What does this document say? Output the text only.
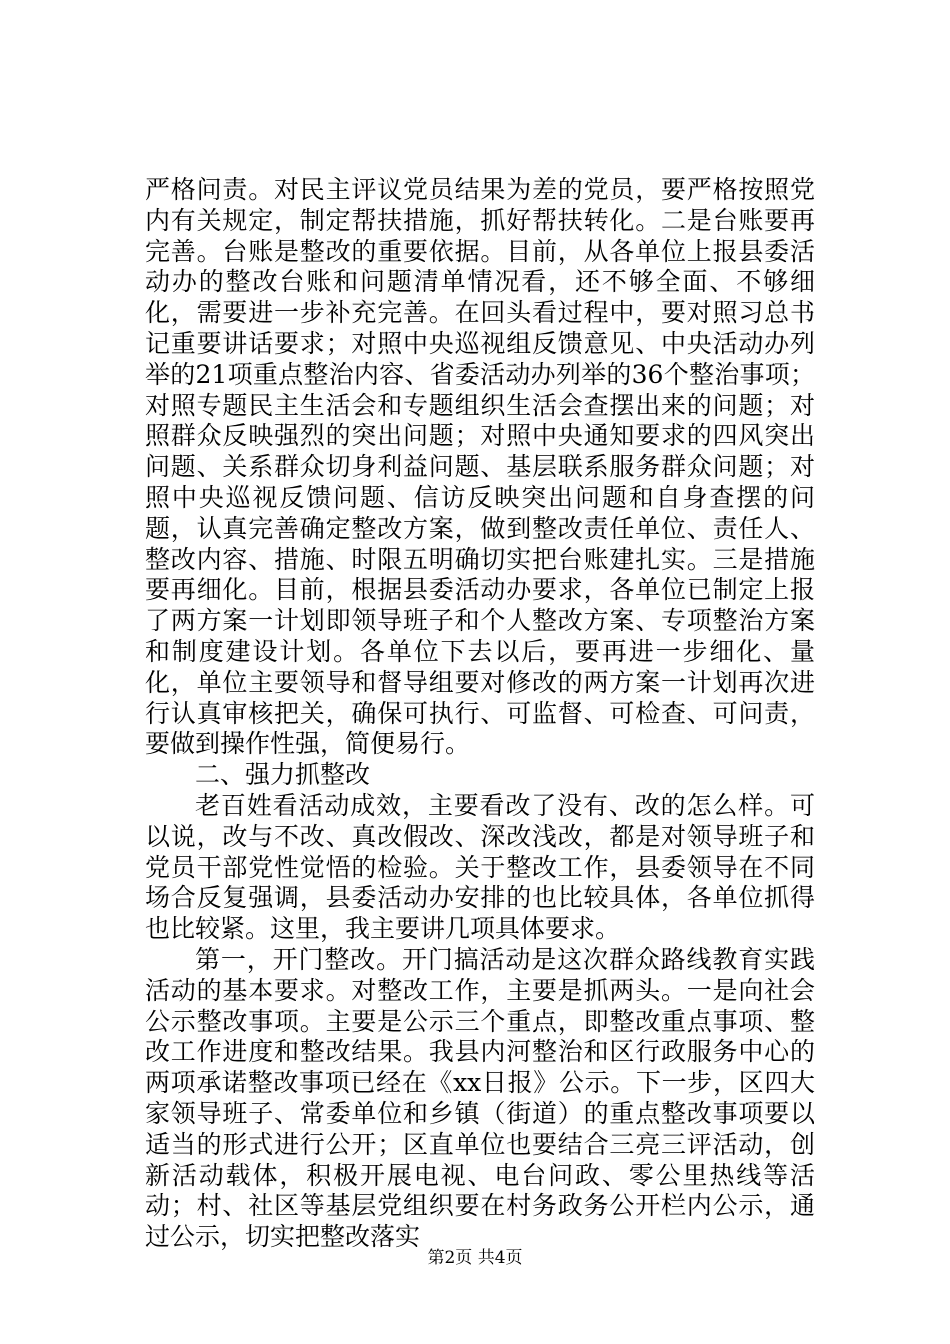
严格问责。对民主评议党员结果为差的党员，要严格按照党内有关规定，制定帮扶措施，抓好帮扶转化。二是台账要再完善。台账是整改的重要依据。目前，从各单位上报县委活动办的整改台账和问题清单情况看，还不够全面、不够细化，需要进一步补充完善。在回头看过程中，要对照习总书记重要讲话要求；对照中央巡视组反馈意见、中央活动办列举的21项重点整治内容、省委活动办列举的36个整治事项；对照专题民主生活会和专题组织生活会查摆出来的问题；对照群众反映强烈的突出问题；对照中央通知要求的四风突出问题、关系群众切身利益问题、基层联系服务群众问题；对照中央巡视反馈问题、信访反映突出问题和自身查摆的问题，认真完善确定整改方案，做到整改责任单位、责任人、整改内容、措施、时限五明确切实把台账建扎实。三是措施要再细化。目前，根据县委活动办要求，各单位已制定上报了两方案一计划即领导班子和个人整改方案、专项整治方案和制度建设计划。各单位下去以后，要再进一步细化、量化，单位主要领导和督导组要对修改的两方案一计划再次进行认真审核把关，确保可执行、可监督、可检查、可问责，要做到操作性强，简便易行。

二、强力抓整改

老百姓看活动成效，主要看改了没有、改的怎么样。可以说，改与不改、真改假改、深改浅改，都是对领导班子和党员干部党性觉悟的检验。关于整改工作，县委领导在不同场合反复强调，县委活动办安排的也比较具体，各单位抓得也比较紧。这里，我主要讲几项具体要求。

第一，开门整改。开门搞活动是这次群众路线教育实践活动的基本要求。对整改工作，主要是抓两头。一是向社会公示整改事项。主要是公示三个重点，即整改重点事项、整改工作进度和整改结果。我县内河整治和区行政服务中心的两项承诺整改事项已经在《xx日报》公示。下一步，区四大家领导班子、常委单位和乡镇（街道）的重点整改事项要以适当的形式进行公开；区直单位也要结合三亮三评活动，创新活动载体，积极开展电视、电台问政、零公里热线等活动；村、社区等基层党组织要在村务政务公开栏内公示，通过公示，切实把整改落实

第2页 共4页
